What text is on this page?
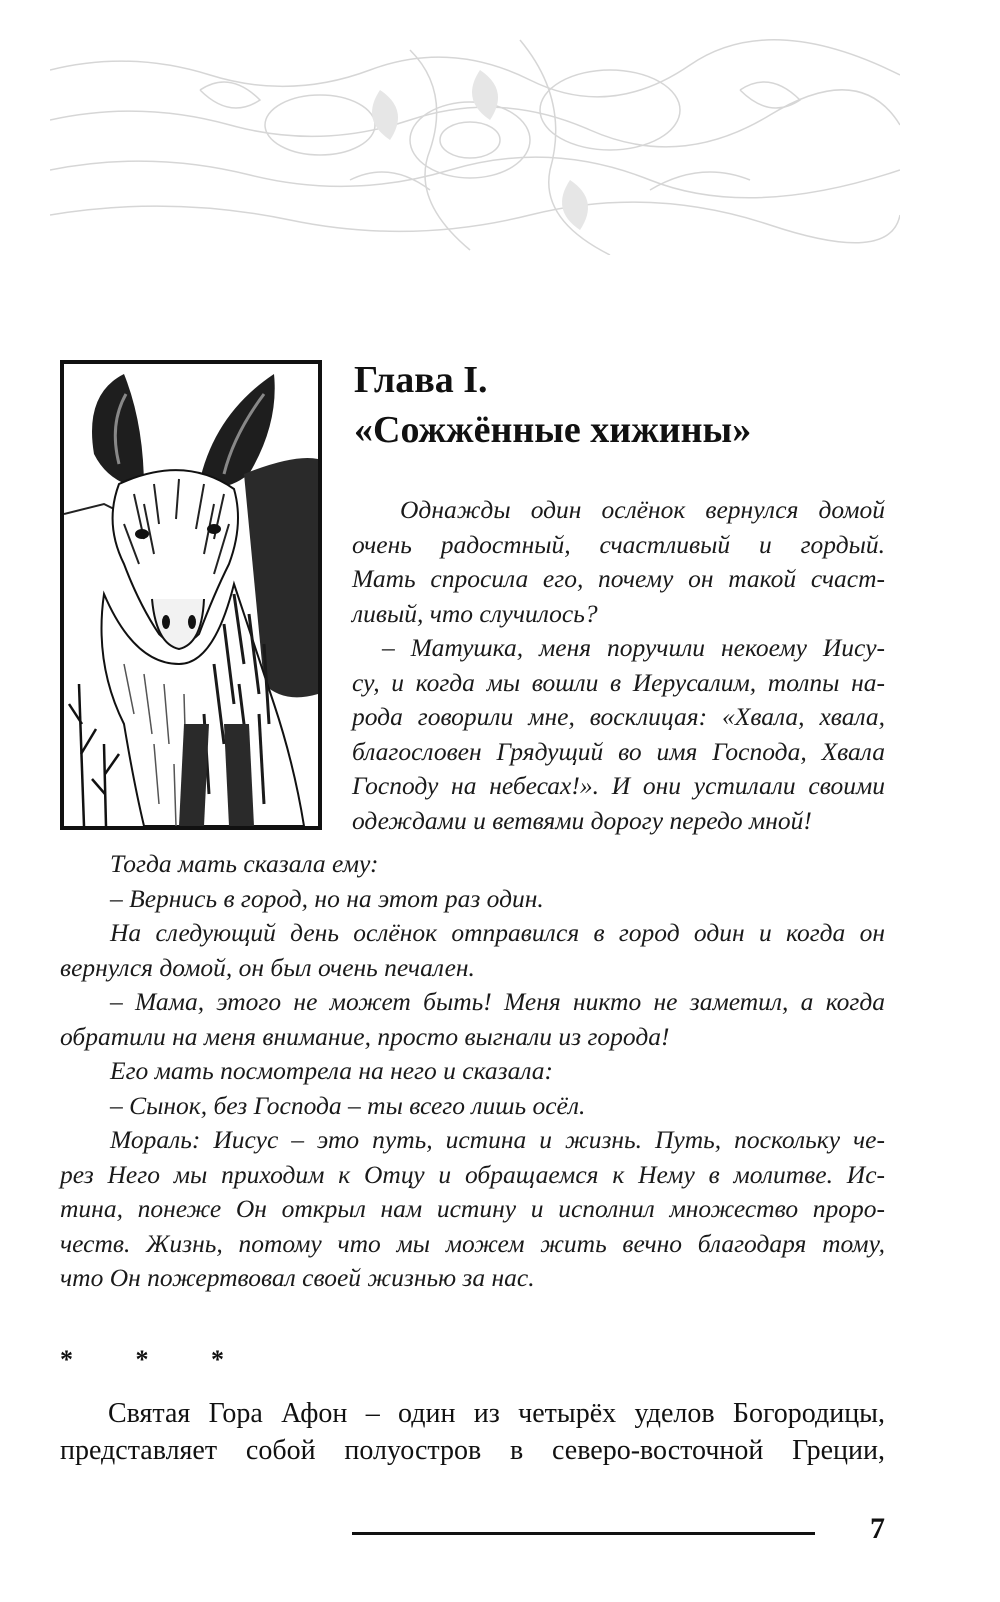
Глава I.
«Сожжённые хижины»
Однажды один ослёнок вернулся домой
очень радостный, счастливый и гордый.
Мать спросила его, почему он такой счаст-
ливый, что случилось?
– Матушка, меня поручили некоему Иису-
су, и когда мы вошли в Иерусалим, толпы на-
рода говорили мне, восклицая: «Хвала, хвала,
благословен Грядущий во имя Господа, Хвала
Господу на небесах!». И они устилали своими
одеждами и ветвями дорогу передо мной!
Тогда мать сказала ему:
– Вернись в город, но на этот раз один.
На следующий день ослёнок отправился в город один и когда он
вернулся домой, он был очень печален.
– Мама, этого не может быть! Меня никто не заметил, а когда
обратили на меня внимание, просто выгнали из города!
Его мать посмотрела на него и сказала:
– Сынок, без Господа – ты всего лишь осёл.
Мораль: Иисус – это путь, истина и жизнь. Путь, поскольку че-
рез Него мы приходим к Отцу и обращаемся к Нему в молитве. Ис-
тина, понеже Он открыл нам истину и исполнил множество проро-
честв. Жизнь, потому что мы можем жить вечно благодаря тому,
что Он пожертвовал своей жизнью за нас.
* * *
Святая Гора Афон – один из четырёх уделов Богородицы,
представляет собой полуостров в северо-восточной Греции,
7
